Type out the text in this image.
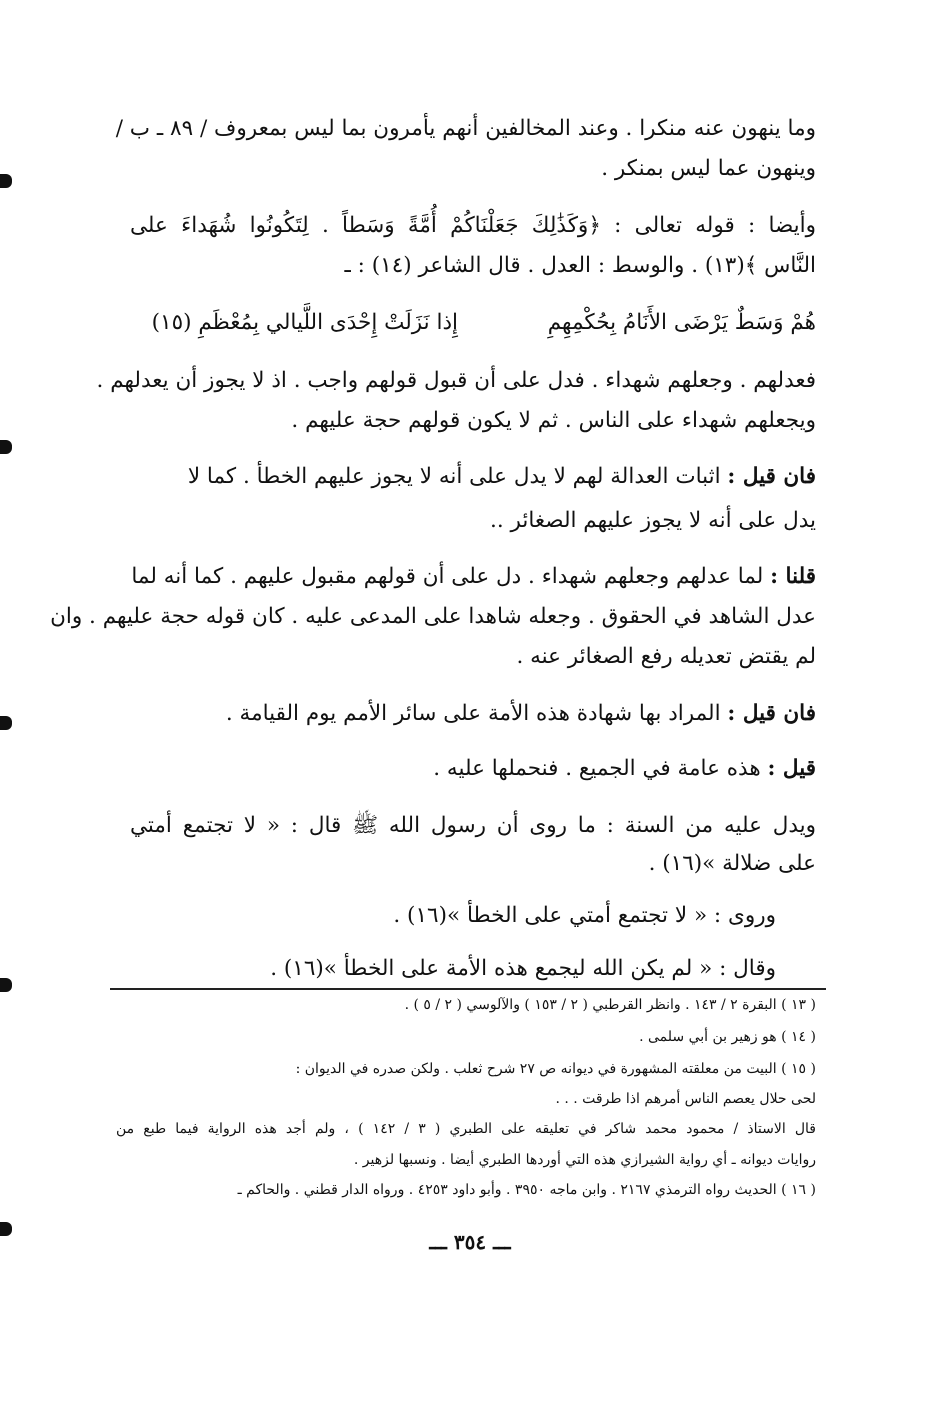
وما ينهون عنه منكرا . وعند المخالفين أنهم يأمرون بما ليس بمعروف / ٨٩ ـ ب /
وينهون عما ليس بمنكر .
وأيضا : قوله تعالى : ﴿وَكَذَٰلِكَ جَعَلْنَاكُمْ أُمَّةً وَسَطاً . لِتَكُونُوا شُهَداءَ على
النَّاس ﴾(١٣) . والوسط : العدل . قال الشاعر (١٤) : ـ
هُمْ وَسَطٌ يَرْضَى الأَنَامُ بِحُكْمِهِمِ
إِذا نَزَلَتْ إِحْدَى اللَّيالي بِمُعْظَمِ (١٥)
فعدلهم . وجعلهم شهداء . فدل على أن قبول قولهم واجب . اذ لا يجوز أن يعدلهم .
ويجعلهم شهداء على الناس . ثم لا يكون قولهم حجة عليهم .
فان قيل : اثبات العدالة لهم لا يدل على أنه لا يجوز عليهم الخطأ . كما لا
يدل على أنه لا يجوز عليهم الصغائر ..
قلنا : لما عدلهم وجعلهم شهداء . دل على أن قولهم مقبول عليهم . كما أنه لما
عدل الشاهد في الحقوق . وجعله شاهدا على المدعى عليه . كان قوله حجة عليهم . وان
لم يقتض تعديله رفع الصغائر عنه .
فان قيل : المراد بها شهادة هذه الأمة على سائر الأمم يوم القيامة .
قيل : هذه عامة في الجميع . فنحملها عليه .
ويدل عليه من السنة : ما روى أن رسول الله ﷺ قال : « لا تجتمع أمتي
على ضلالة »(١٦) .
وروى : « لا تجتمع أمتي على الخطأ »(١٦) .
وقال : « لم يكن الله ليجمع هذه الأمة على الخطأ »(١٦) .
( ١٣ ) البقرة ٢ / ١٤٣ . وانظر القرطبي ( ٢ / ١٥٣ ) والآلوسي ( ٢ / ٥ ) .
( ١٤ ) هو زهير بن أبي سلمى .
( ١٥ ) البيت من معلقته المشهورة في ديوانه ص ٢٧ شرح ثعلب . ولكن صدره في الديوان :
لحى حلال يعصم الناس أمرهم اذا طرقت . . .
قال الاستاذ / محمود محمد شاكر في تعليقه على الطبري ( ٣ / ١٤٢ ) ، ولم أجد هذه الرواية فيما طبع من
روايات ديوانه ـ أي رواية الشيرازي هذه التي أوردها الطبري أيضا . ونسبها لزهير .
( ١٦ ) الحديث رواه الترمذي ٢١٦٧ . وابن ماجه ٣٩٥٠ . وأبو داود ٤٢٥٣ . ورواه الدار قطني . والحاكم ـ
ـــ ٣٥٤ ـــ
